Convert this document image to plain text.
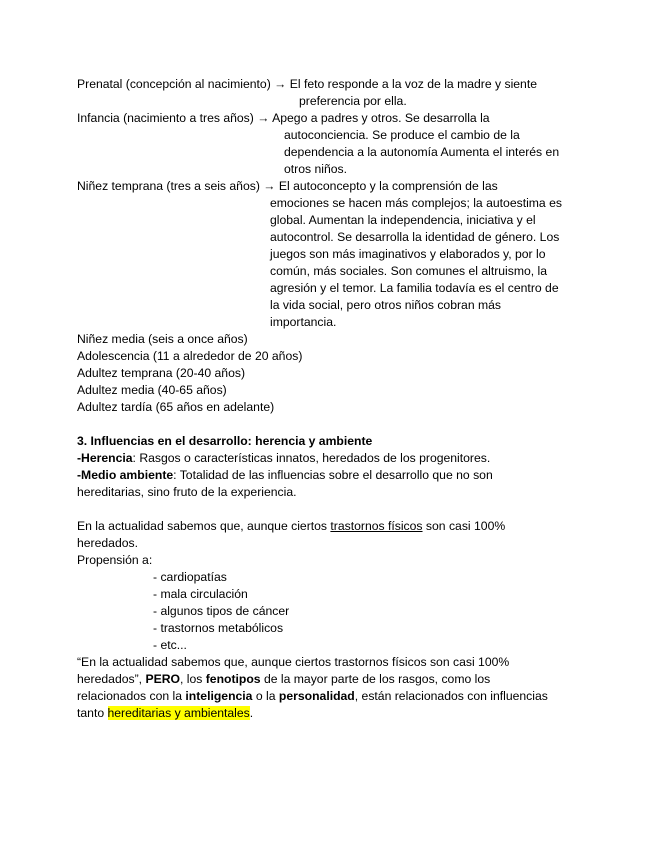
Prenatal (concepción al nacimiento) → El feto responde a la voz de la madre y siente
preferencia por ella.
Infancia (nacimiento a tres años) → Apego a padres y otros. Se desarrolla la
autoconciencia. Se produce el cambio de la
dependencia a la autonomía Aumenta el interés en
otros niños.
Niñez temprana (tres a seis años) → El autoconcepto y la comprensión de las
emociones se hacen más complejos; la autoestima es
global. Aumentan la independencia, iniciativa y el
autocontrol. Se desarrolla la identidad de género. Los
juegos son más imaginativos y elaborados y, por lo
común, más sociales. Son comunes el altruismo, la
agresión y el temor. La familia todavía es el centro de
la vida social, pero otros niños cobran más
importancia.
Niñez media (seis a once años)
Adolescencia (11 a alrededor de 20 años)
Adultez temprana (20-40 años)
Adultez media (40-65 años)
Adultez tardía (65 años en adelante)
3. Influencias en el desarrollo: herencia y ambiente
-Herencia: Rasgos o características innatos, heredados de los progenitores.
-Medio ambiente: Totalidad de las influencias sobre el desarrollo que no son
hereditarias, sino fruto de la experiencia.
En la actualidad sabemos que, aunque ciertos trastornos físicos son casi 100%
heredados.
Propensión a:
- cardiopatías
- mala circulación
- algunos tipos de cáncer
- trastornos metabólicos
- etc...
“En la actualidad sabemos que, aunque ciertos trastornos físicos son casi 100%
heredados”, PERO, los fenotipos de la mayor parte de los rasgos, como los
relacionados con la inteligencia o la personalidad, están relacionados con influencias
tanto hereditarias y ambientales.
